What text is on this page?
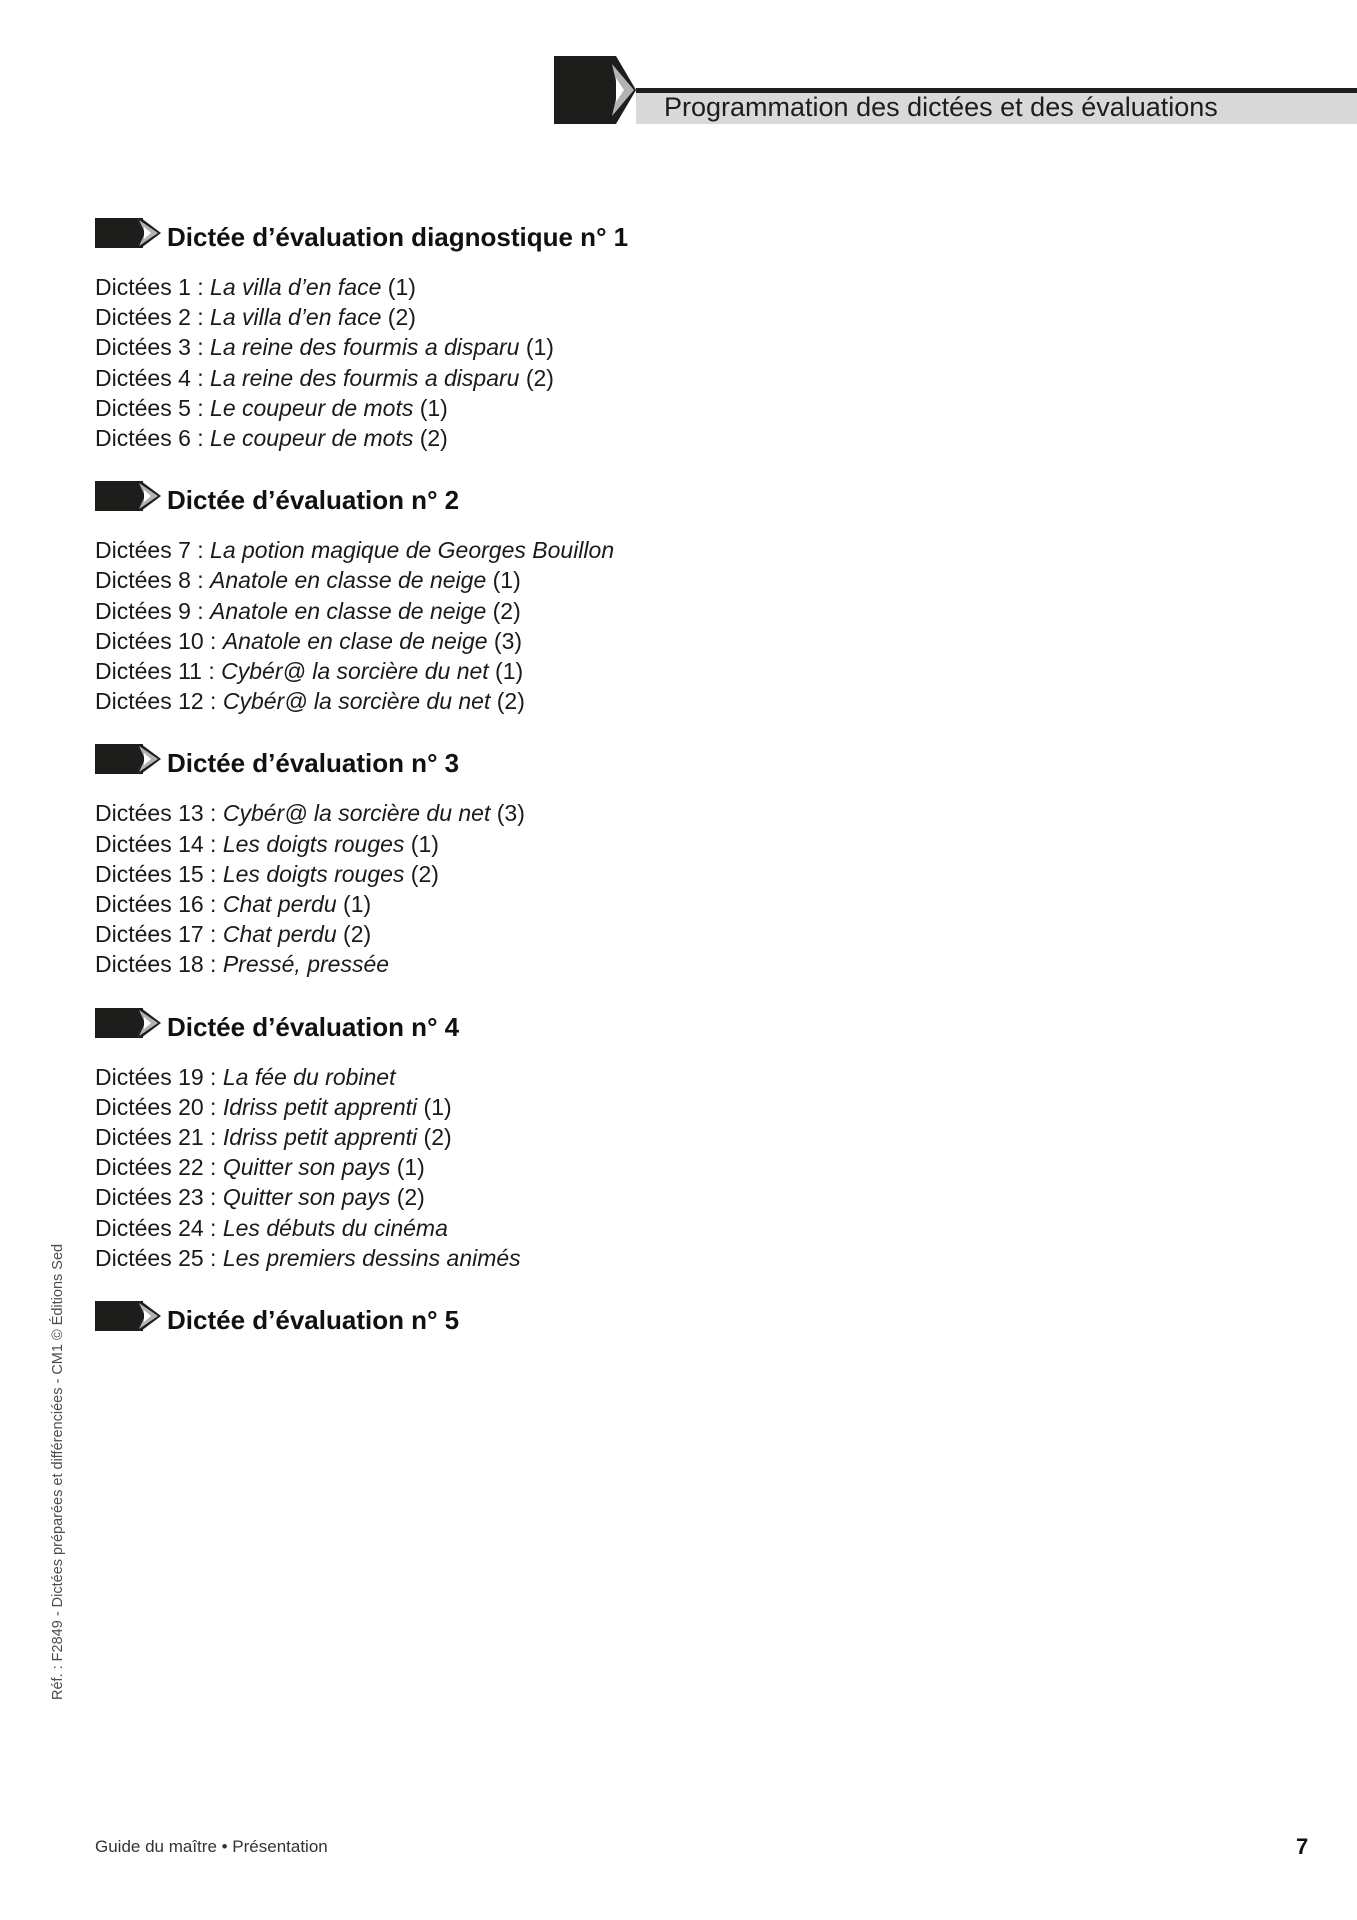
Programmation des dictées et des évaluations
Dictée d’évaluation diagnostique n° 1
Dictées 1 : La villa d’en face (1)
Dictées 2 : La villa d’en face (2)
Dictées 3 : La reine des fourmis a disparu (1)
Dictées 4 : La reine des fourmis a disparu (2)
Dictées 5 : Le coupeur de mots (1)
Dictées 6 : Le coupeur de mots (2)
Dictée d’évaluation n° 2
Dictées 7 : La potion magique de Georges Bouillon
Dictées 8 : Anatole en classe de neige (1)
Dictées 9 : Anatole en classe de neige (2)
Dictées 10 : Anatole en clase de neige (3)
Dictées 11 : Cybér@ la sorcière du net (1)
Dictées 12 : Cybér@ la sorcière du net (2)
Dictée d’évaluation n° 3
Dictées 13 : Cybér@ la sorcière du net (3)
Dictées 14 : Les doigts rouges (1)
Dictées 15 : Les doigts rouges (2)
Dictées 16 : Chat perdu (1)
Dictées 17 : Chat perdu (2)
Dictées 18 : Pressé, pressée
Dictée d’évaluation n° 4
Dictées 19 : La fée du robinet
Dictées 20 : Idriss petit apprenti (1)
Dictées 21 : Idriss petit apprenti (2)
Dictées 22 : Quitter son pays (1)
Dictées 23 : Quitter son pays (2)
Dictées 24 : Les débuts du cinéma
Dictées 25 : Les premiers dessins animés
Dictée d’évaluation n° 5
Réf. : F2849 - Dictées préparées et différenciées - CM1 © Éditions Sed
Guide du maître • Présentation	7
